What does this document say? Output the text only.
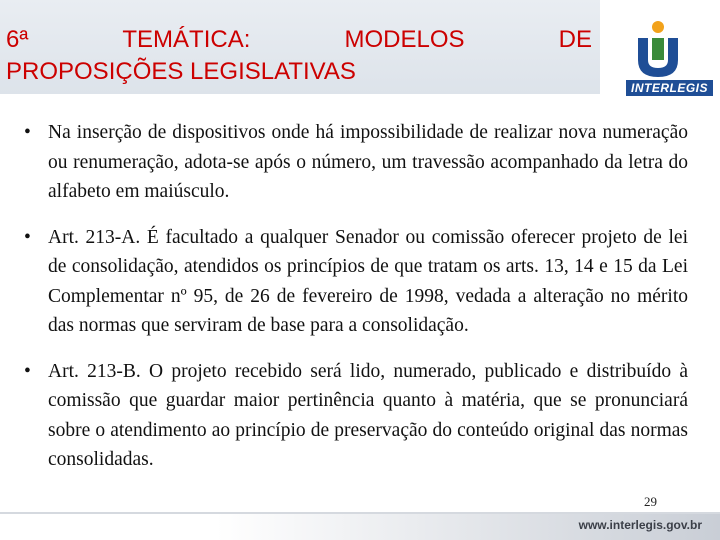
6ª	TEMÁTICA:	MODELOS	DE
PROPOSIÇÕES LEGISLATIVAS
INTERLEGIS

• Na inserção de dispositivos onde há impossibilidade de realizar nova numeração ou renumeração, adota-se após o número, um travessão acompanhado da letra do alfabeto em maiúsculo.

• Art. 213-A. É facultado a qualquer Senador ou comissão oferecer projeto de lei de consolidação, atendidos os princípios de que tratam os arts. 13, 14 e 15 da Lei Complementar nº 95, de 26 de fevereiro de 1998, vedada a alteração no mérito das normas que serviram de base para a consolidação.

• Art. 213-B. O projeto recebido será lido, numerado, publicado e distribuído à comissão que guardar maior pertinência quanto à matéria, que se pronunciará sobre o atendimento ao princípio de preservação do conteúdo original das normas consolidadas.

29
www.interlegis.gov.br
